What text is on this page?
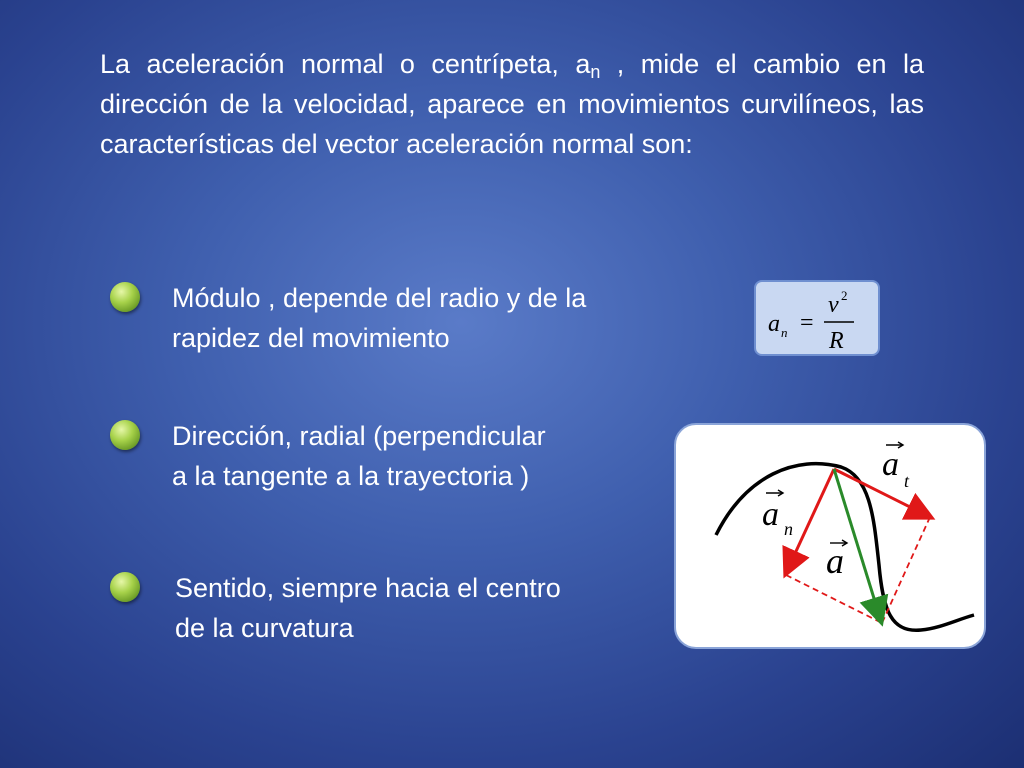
La aceleración normal o centrípeta, $a_n$ , mide el cambio en la dirección de la velocidad, aparece en movimientos curvilíneos, las características del vector aceleración normal son:
Módulo , depende del radio y de la
rapidez del movimiento
Dirección, radial (perpendicular
a la tangente a la trayectoria )
Sentido, siempre hacia el centro
de la curvatura
a n =
v 2
R
a t
a n
a
